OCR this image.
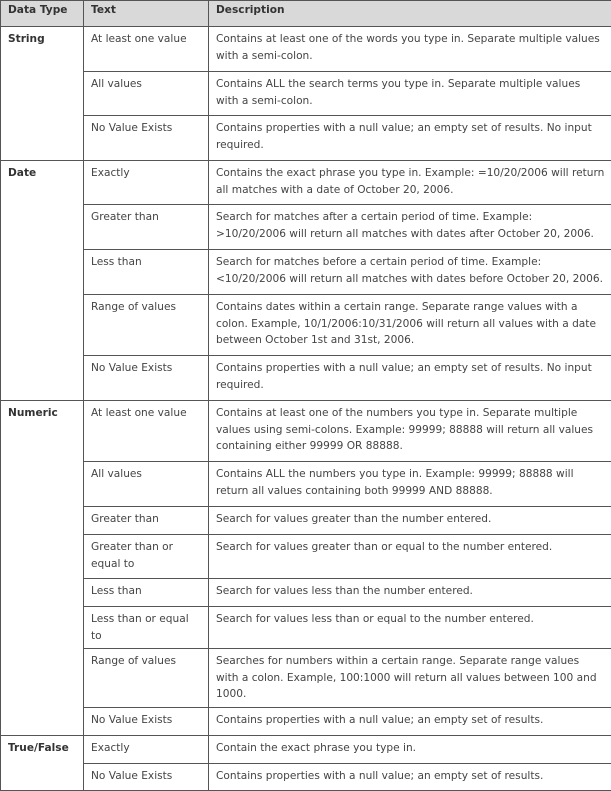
Data Type	Text	Description
String	At least one value	Contains at least one of the words you type in. Separate multiple values with a semi-colon.
	All values	Contains ALL the search terms you type in. Separate multiple values with a semi-colon.
	No Value Exists	Contains properties with a null value; an empty set of results. No input required.
Date	Exactly	Contains the exact phrase you type in. Example: =10/20/2006 will return all matches with a date of October 20, 2006.
	Greater than	Search for matches after a certain period of time. Example: >10/20/2006 will return all matches with dates after October 20, 2006.
	Less than	Search for matches before a certain period of time. Example: <10/20/2006 will return all matches with dates before October 20, 2006.
	Range of values	Contains dates within a certain range. Separate range values with a colon. Example, 10/1/2006:10/31/2006 will return all values with a date between October 1st and 31st, 2006.
	No Value Exists	Contains properties with a null value; an empty set of results. No input required.
Numeric	At least one value	Contains at least one of the numbers you type in. Separate multiple values using semi-colons. Example: 99999; 88888 will return all values containing either 99999 OR 88888.
	All values	Contains ALL the numbers you type in. Example: 99999; 88888 will return all values containing both 99999 AND 88888.
	Greater than	Search for values greater than the number entered.
	Greater than or equal to	Search for values greater than or equal to the number entered.
	Less than	Search for values less than the number entered.
	Less than or equal to	Search for values less than or equal to the number entered.
	Range of values	Searches for numbers within a certain range. Separate range values with a colon. Example, 100:1000 will return all values between 100 and 1000.
	No Value Exists	Contains properties with a null value; an empty set of results.
True/False	Exactly	Contain the exact phrase you type in.
	No Value Exists	Contains properties with a null value; an empty set of results.
